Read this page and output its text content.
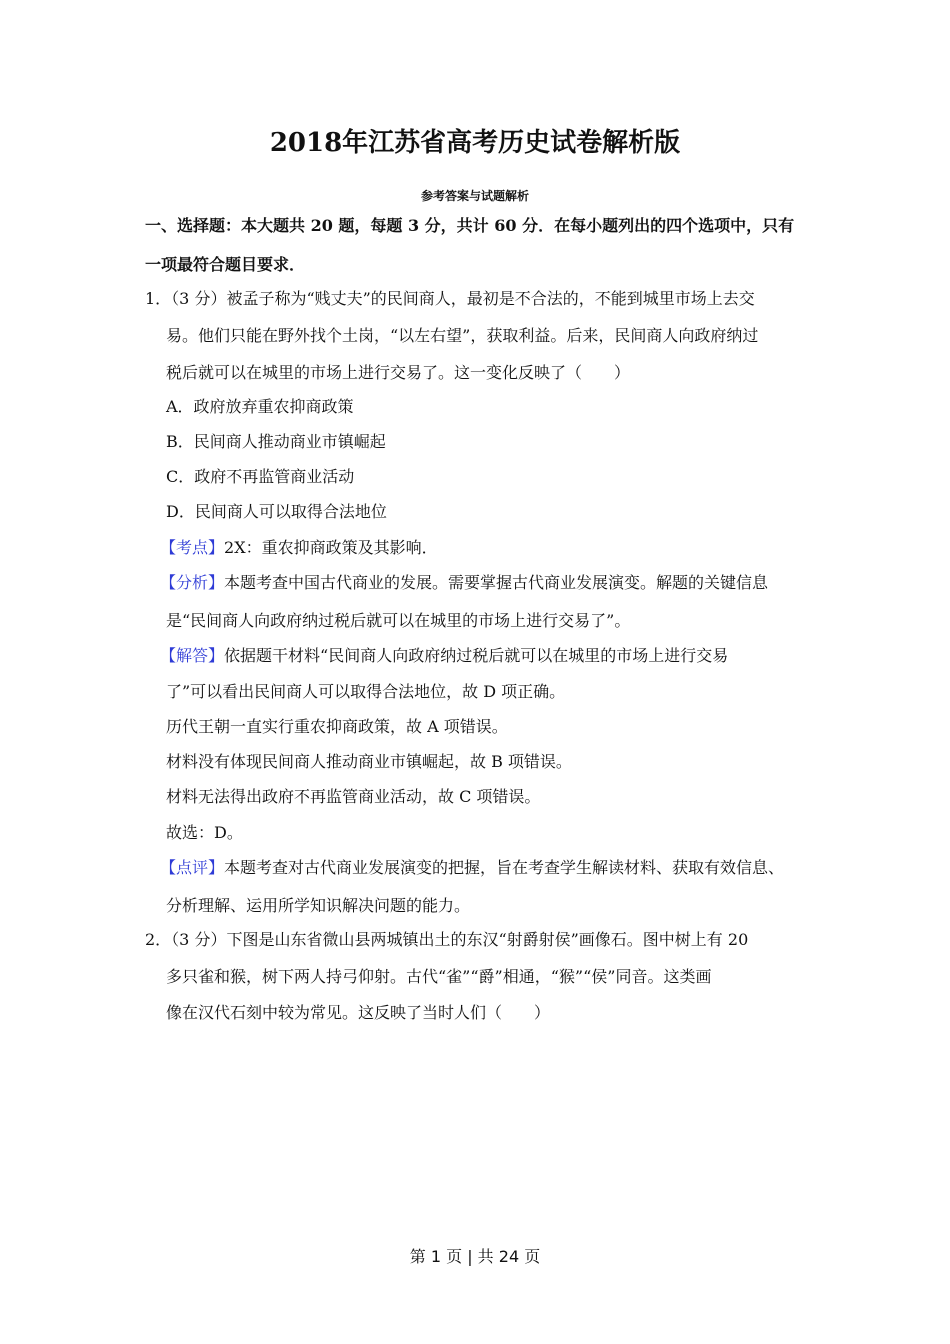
2018年江苏省高考历史试卷解析版
参考答案与试题解析
一、选择题：本大题共 20 题，每题 3 分，共计 60 分．在每小题列出的四个选项中，只有
一项最符合题目要求．
1．（3 分）被孟子称为“贱丈夫”的民间商人，最初是不合法的，不能到城里市场上去交
易。他们只能在野外找个土岗，“以左右望”，获取利益。后来，民间商人向政府纳过
税后就可以在城里的市场上进行交易了。这一变化反映了（　　）
A．政府放弃重农抑商政策
B．民间商人推动商业市镇崛起
C．政府不再监管商业活动
D．民间商人可以取得合法地位
【考点】2X：重农抑商政策及其影响．
【分析】本题考查中国古代商业的发展。需要掌握古代商业发展演变。解题的关键信息
是“民间商人向政府纳过税后就可以在城里的市场上进行交易了”。
【解答】依据题干材料“民间商人向政府纳过税后就可以在城里的市场上进行交易
了”可以看出民间商人可以取得合法地位，故 D 项正确。
历代王朝一直实行重农抑商政策，故 A 项错误。
材料没有体现民间商人推动商业市镇崛起，故 B 项错误。
材料无法得出政府不再监管商业活动，故 C 项错误。
故选：D。
【点评】本题考查对古代商业发展演变的把握，旨在考查学生解读材料、获取有效信息、
分析理解、运用所学知识解决问题的能力。
2．（3 分）下图是山东省微山县两城镇出土的东汉“射爵射侯”画像石。图中树上有 20
多只雀和猴，树下两人持弓仰射。古代“雀”“爵”相通，“猴”“侯”同音。这类画
像在汉代石刻中较为常见。这反映了当时人们（　　）
第 1 页 | 共 24 页
